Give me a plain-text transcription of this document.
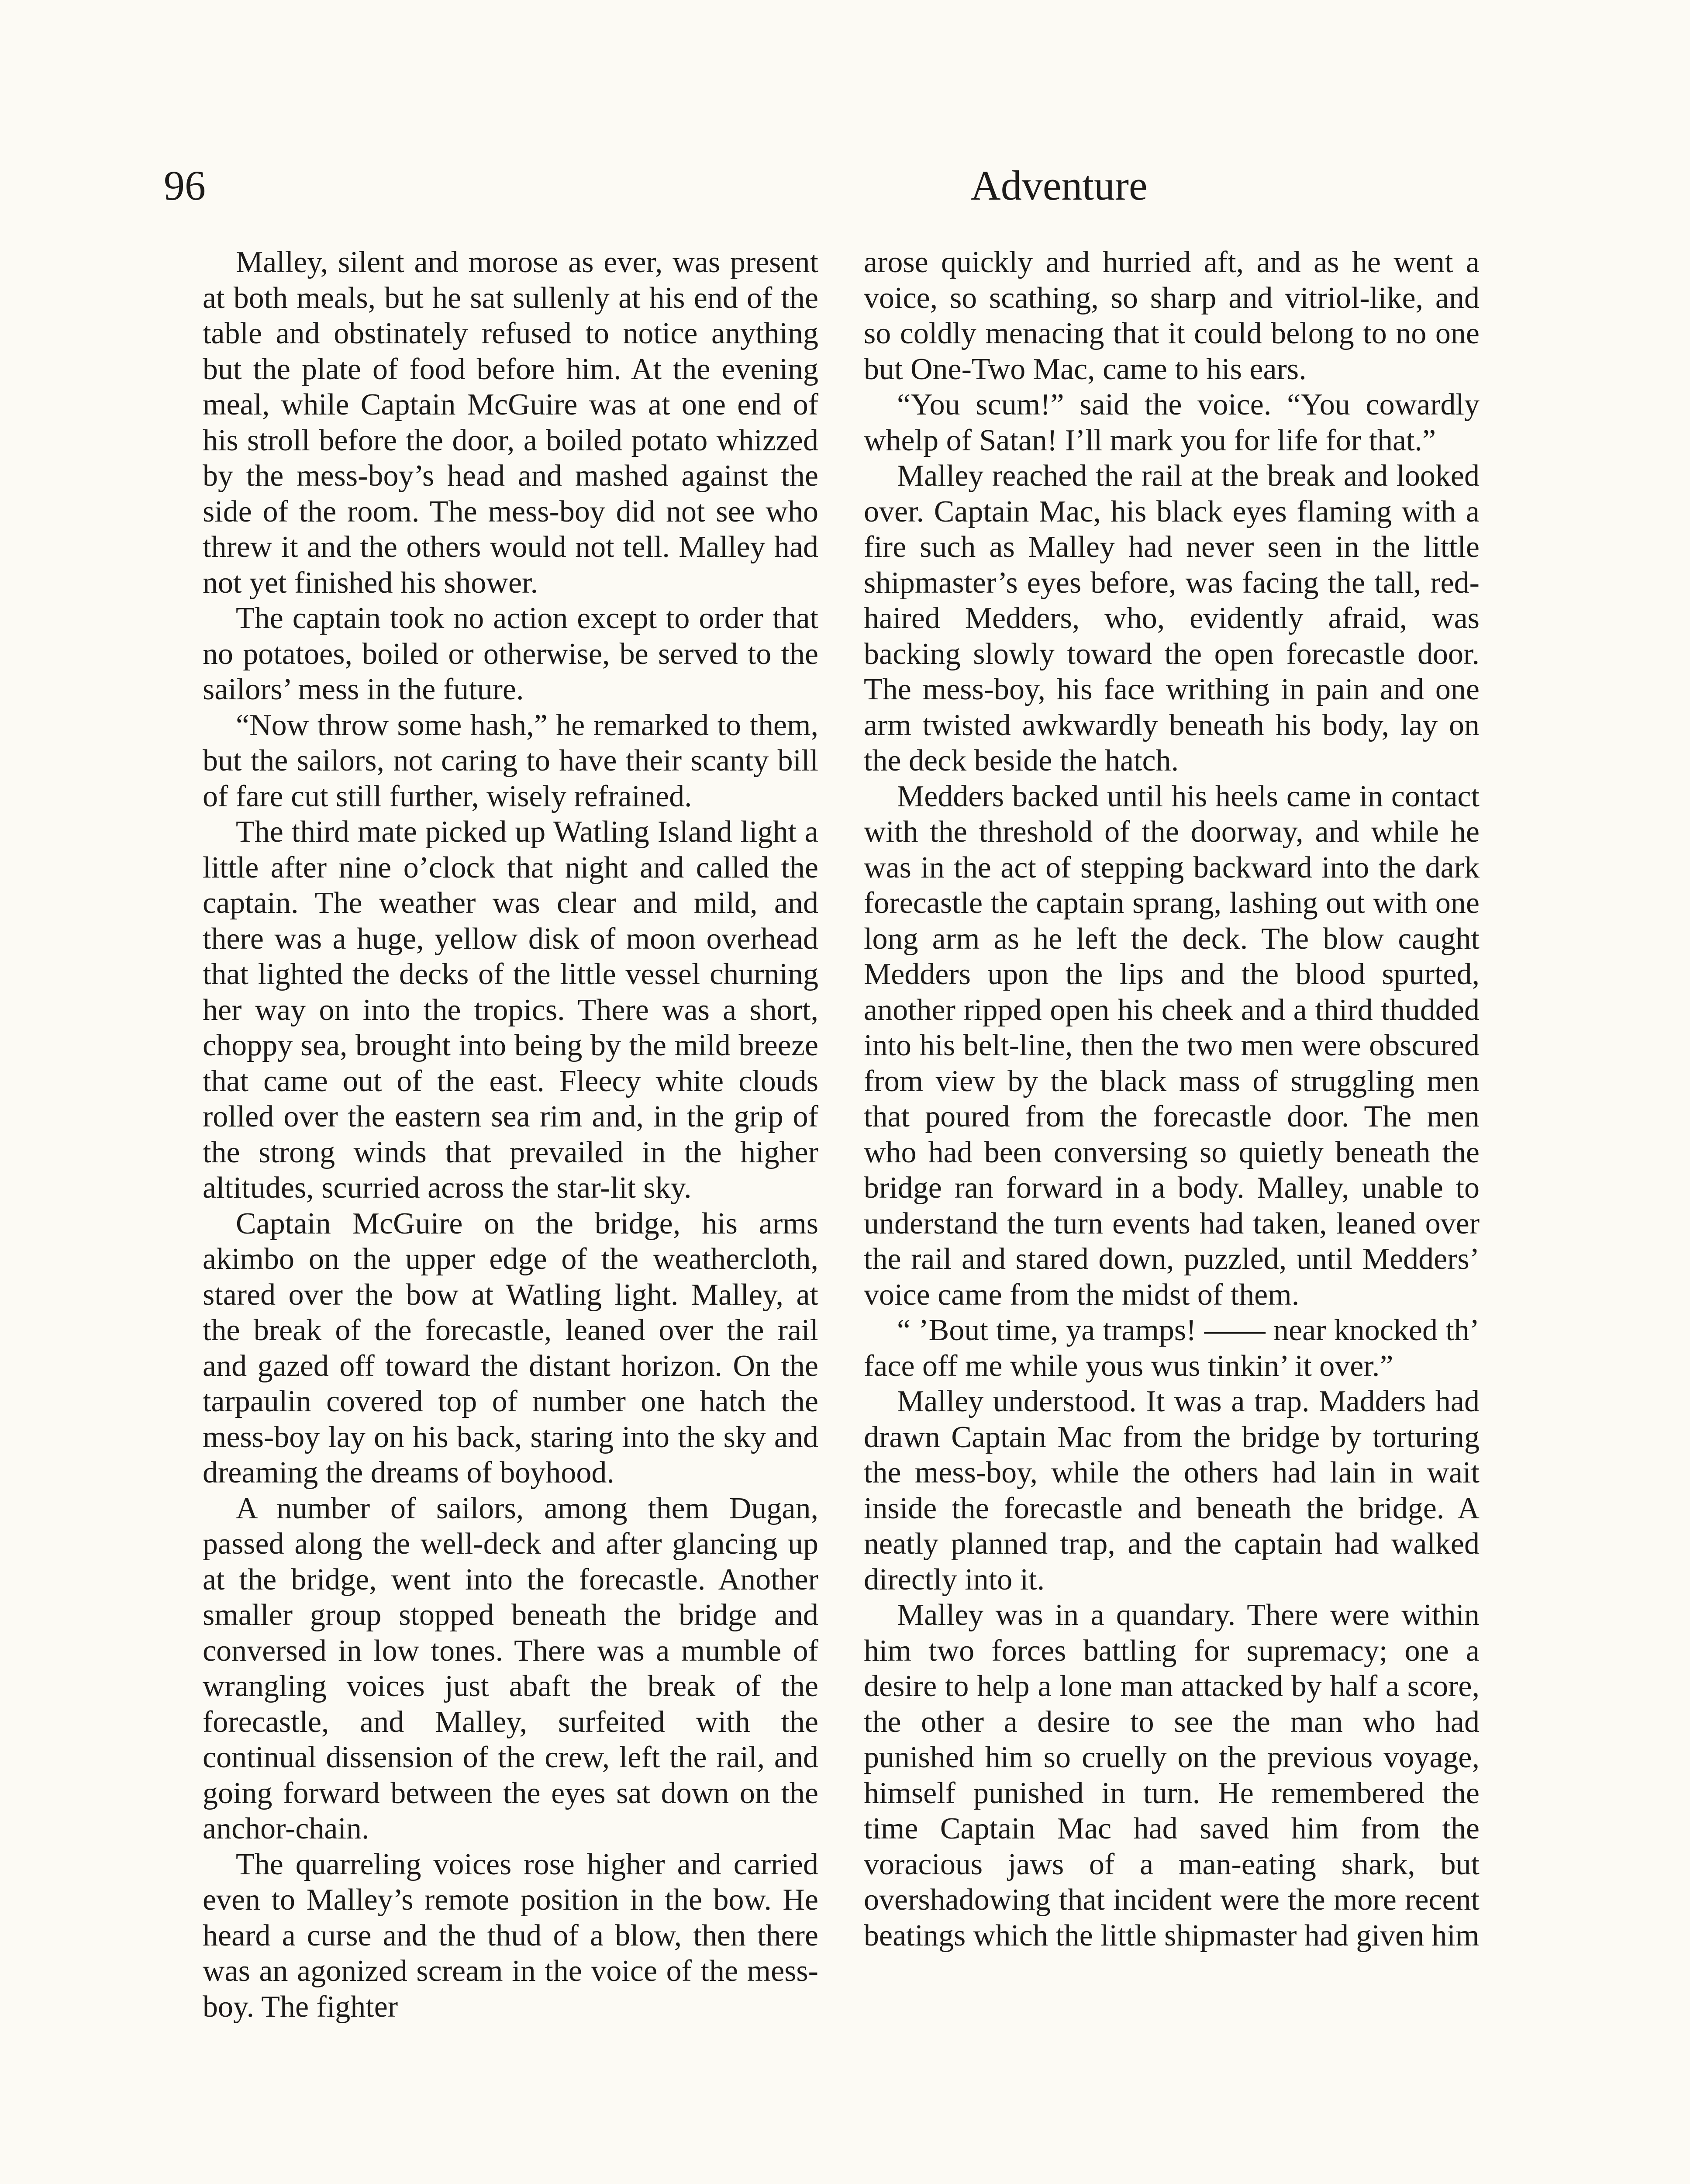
96	Adventure

Malley, silent and morose as ever, was present at both meals, but he sat sullenly at his end of the table and obstinately refused to notice anything but the plate of food before him. At the evening meal, while Captain McGuire was at one end of his stroll before the door, a boiled potato whizzed by the mess-boy’s head and mashed against the side of the room. The mess-boy did not see who threw it and the others would not tell. Malley had not yet finished his shower.

The captain took no action except to order that no potatoes, boiled or otherwise, be served to the sailors’ mess in the future.

“Now throw some hash,” he remarked to them, but the sailors, not caring to have their scanty bill of fare cut still further, wisely refrained.

The third mate picked up Watling Island light a little after nine o’clock that night and called the captain. The weather was clear and mild, and there was a huge, yellow disk of moon overhead that lighted the decks of the little vessel churning her way on into the tropics. There was a short, choppy sea, brought into being by the mild breeze that came out of the east. Fleecy white clouds rolled over the eastern sea rim and, in the grip of the strong winds that prevailed in the higher altitudes, scurried across the star-lit sky.

Captain McGuire on the bridge, his arms akimbo on the upper edge of the weathercloth, stared over the bow at Watling light. Malley, at the break of the forecastle, leaned over the rail and gazed off toward the distant horizon. On the tarpaulin covered top of number one hatch the mess-boy lay on his back, staring into the sky and dreaming the dreams of boyhood.

A number of sailors, among them Dugan, passed along the well-deck and after glancing up at the bridge, went into the forecastle. Another smaller group stopped beneath the bridge and conversed in low tones. There was a mumble of wrangling voices just abaft the break of the forecastle, and Malley, surfeited with the continual dissension of the crew, left the rail, and going forward between the eyes sat down on the anchor-chain.

The quarreling voices rose higher and carried even to Malley’s remote position in the bow. He heard a curse and the thud of a blow, then there was an agonized scream in the voice of the mess-boy. The fighter

arose quickly and hurried aft, and as he went a voice, so scathing, so sharp and vitriol-like, and so coldly menacing that it could belong to no one but One-Two Mac, came to his ears.

“You scum!” said the voice. “You cowardly whelp of Satan! I’ll mark you for life for that.”

Malley reached the rail at the break and looked over. Captain Mac, his black eyes flaming with a fire such as Malley had never seen in the little shipmaster’s eyes before, was facing the tall, red-haired Medders, who, evidently afraid, was backing slowly toward the open forecastle door. The mess-boy, his face writhing in pain and one arm twisted awkwardly beneath his body, lay on the deck beside the hatch.

Medders backed until his heels came in contact with the threshold of the doorway, and while he was in the act of stepping backward into the dark forecastle the captain sprang, lashing out with one long arm as he left the deck. The blow caught Medders upon the lips and the blood spurted, another ripped open his cheek and a third thudded into his belt-line, then the two men were obscured from view by the black mass of struggling men that poured from the forecastle door. The men who had been conversing so quietly beneath the bridge ran forward in a body. Malley, unable to understand the turn events had taken, leaned over the rail and stared down, puzzled, until Medders’ voice came from the midst of them.

“ ’Bout time, ya tramps! —— near knocked th’ face off me while yous wus tinkin’ it over.”

Malley understood. It was a trap. Madders had drawn Captain Mac from the bridge by torturing the mess-boy, while the others had lain in wait inside the forecastle and beneath the bridge. A neatly planned trap, and the captain had walked directly into it.

Malley was in a quandary. There were within him two forces battling for supremacy; one a desire to help a lone man attacked by half a score, the other a desire to see the man who had punished him so cruelly on the previous voyage, himself punished in turn. He remembered the time Captain Mac had saved him from the voracious jaws of a man-eating shark, but overshadowing that incident were the more recent beatings which the little shipmaster had given him
